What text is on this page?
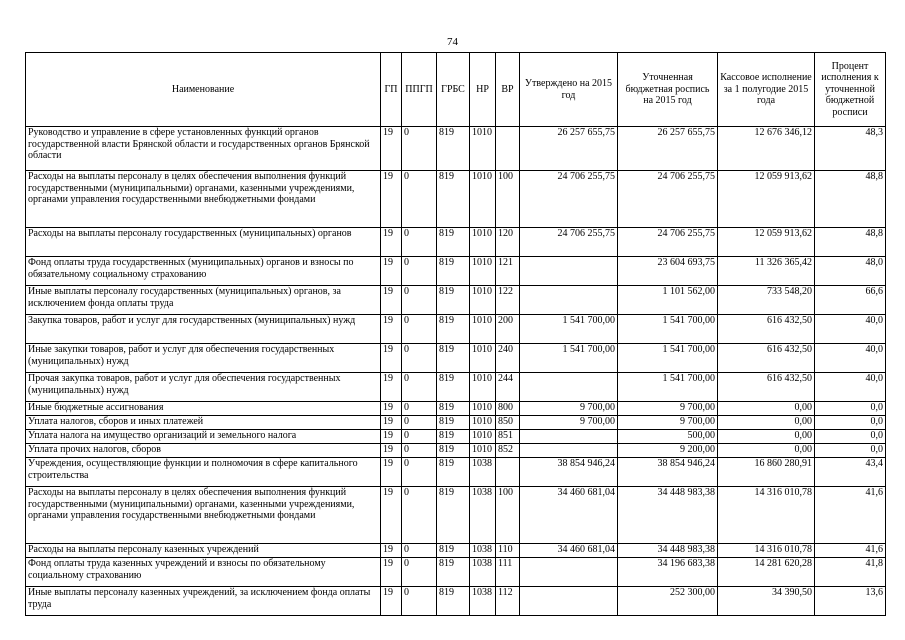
74
Наименование	ГП	ППГП	ГРБС	НР	ВР	Утверждено на 2015 год	Уточненная бюджетная роспись на 2015 год	Кассовое исполнение за 1 полугодие 2015 года	Процент исполнения к уточненной бюджетной росписи
Руководство и управление в сфере установленных функций органов государственной власти Брянской области и государственных органов Брянской области	19	0	819	1010		26 257 655,75	26 257 655,75	12 676 346,12	48,3
Расходы на выплаты персоналу в целях обеспечения выполнения функций государственными (муниципальными) органами, казенными учреждениями, органами управления государственными внебюджетными фондами	19	0	819	1010	100	24 706 255,75	24 706 255,75	12 059 913,62	48,8
Расходы на выплаты персоналу государственных (муниципальных) органов	19	0	819	1010	120	24 706 255,75	24 706 255,75	12 059 913,62	48,8
Фонд оплаты труда государственных (муниципальных) органов и взносы по обязательному социальному страхованию	19	0	819	1010	121		23 604 693,75	11 326 365,42	48,0
Иные выплаты персоналу государственных (муниципальных) органов, за исключением фонда оплаты труда	19	0	819	1010	122		1 101 562,00	733 548,20	66,6
Закупка товаров, работ и услуг для государственных (муниципальных) нужд	19	0	819	1010	200	1 541 700,00	1 541 700,00	616 432,50	40,0
Иные закупки товаров, работ и услуг для обеспечения государственных (муниципальных) нужд	19	0	819	1010	240	1 541 700,00	1 541 700,00	616 432,50	40,0
Прочая закупка товаров, работ и услуг для обеспечения государственных (муниципальных) нужд	19	0	819	1010	244		1 541 700,00	616 432,50	40,0
Иные бюджетные ассигнования	19	0	819	1010	800	9 700,00	9 700,00	0,00	0,0
Уплата налогов, сборов и иных платежей	19	0	819	1010	850	9 700,00	9 700,00	0,00	0,0
Уплата налога на имущество организаций и земельного налога	19	0	819	1010	851		500,00	0,00	0,0
Уплата прочих налогов, сборов	19	0	819	1010	852		9 200,00	0,00	0,0
Учреждения, осуществляющие функции и полномочия в сфере капитального строительства	19	0	819	1038		38 854 946,24	38 854 946,24	16 860 280,91	43,4
Расходы на выплаты персоналу в целях обеспечения выполнения функций государственными (муниципальными) органами, казенными учреждениями, органами управления государственными внебюджетными фондами	19	0	819	1038	100	34 460 681,04	34 448 983,38	14 316 010,78	41,6
Расходы на выплаты персоналу казенных учреждений	19	0	819	1038	110	34 460 681,04	34 448 983,38	14 316 010,78	41,6
Фонд оплаты труда казенных учреждений и взносы по обязательному социальному страхованию	19	0	819	1038	111		34 196 683,38	14 281 620,28	41,8
Иные выплаты персоналу казенных учреждений, за исключением фонда оплаты труда	19	0	819	1038	112		252 300,00	34 390,50	13,6
